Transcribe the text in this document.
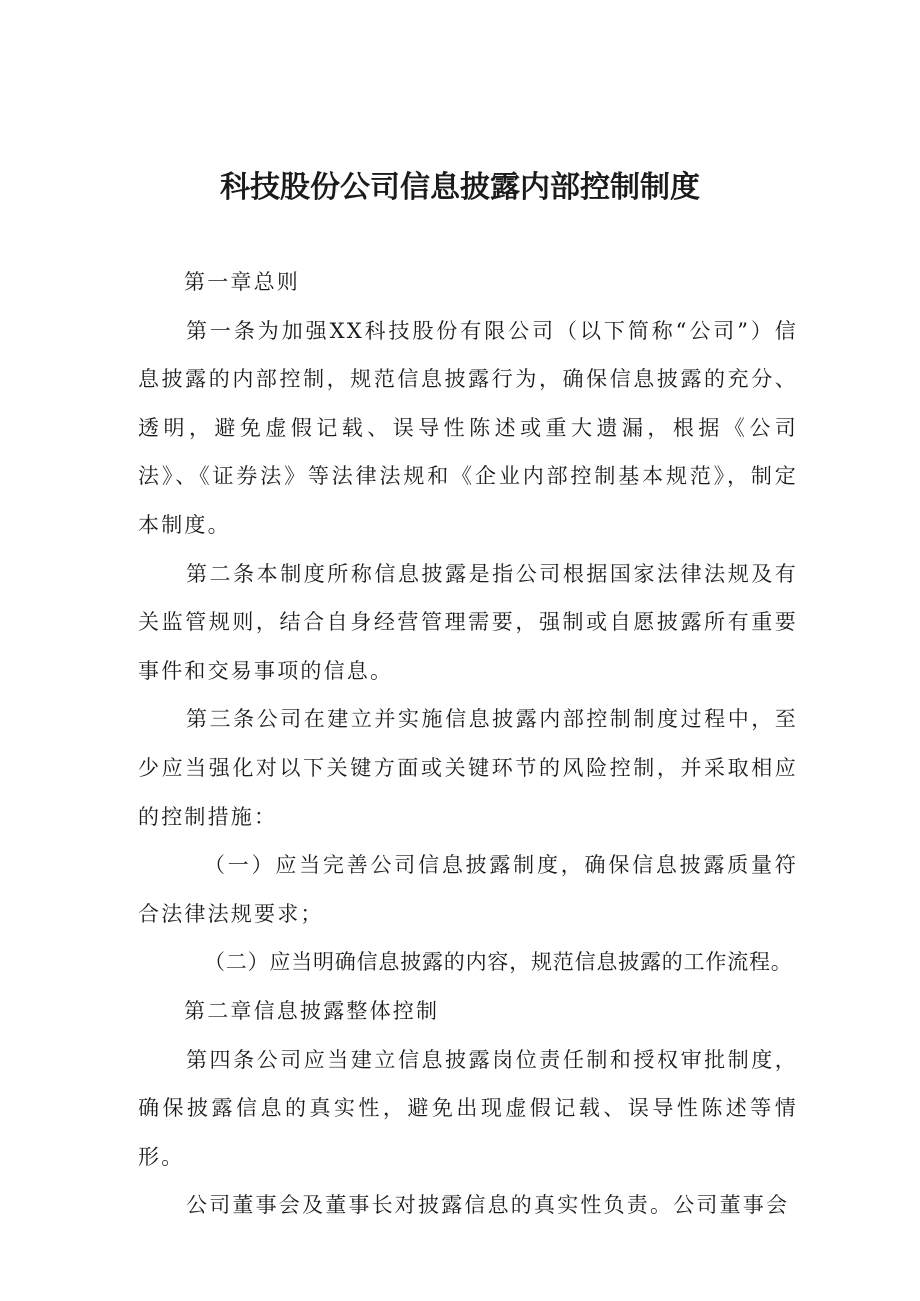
科技股份公司信息披露内部控制制度
第一章总则

第一条为加强XX科技股份有限公司（以下简称“公司”）信息披露的内部控制，规范信息披露行为，确保信息披露的充分、透明，避免虚假记载、误导性陈述或重大遗漏，根据《公司法》、《证券法》等法律法规和《企业内部控制基本规范》，制定本制度。

第二条本制度所称信息披露是指公司根据国家法律法规及有关监管规则，结合自身经营管理需要，强制或自愿披露所有重要事件和交易事项的信息。

第三条公司在建立并实施信息披露内部控制制度过程中，至少应当强化对以下关键方面或关键环节的风险控制，并采取相应的控制措施：

（一）应当完善公司信息披露制度，确保信息披露质量符合法律法规要求；

（二）应当明确信息披露的内容，规范信息披露的工作流程。

第二章信息披露整体控制

第四条公司应当建立信息披露岗位责任制和授权审批制度，确保披露信息的真实性，避免出现虚假记载、误导性陈述等情形。

公司董事会及董事长对披露信息的真实性负责。公司董事会
